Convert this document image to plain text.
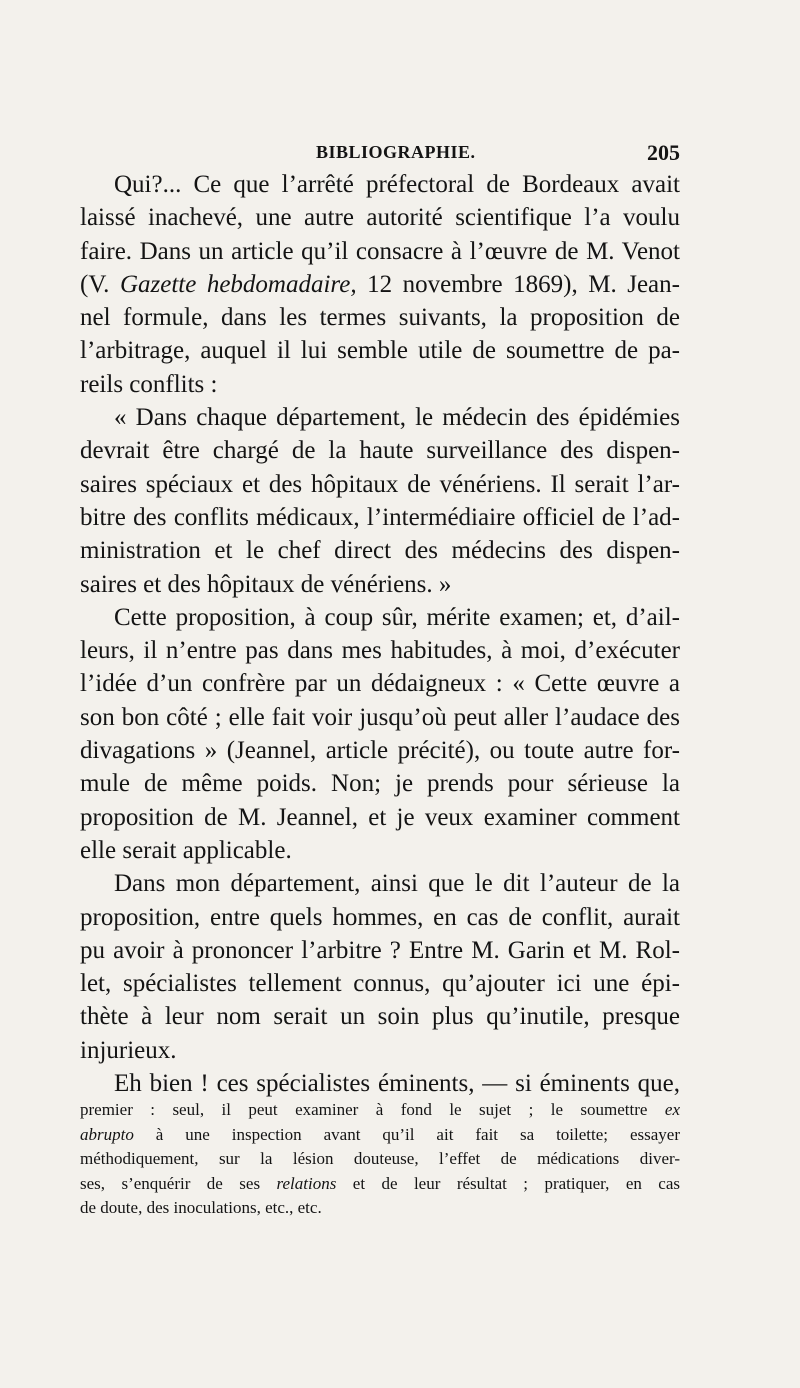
BIBLIOGRAPHIE.	205
Qui?... Ce que l’arrêté préfectoral de Bordeaux avait
laissé inachevé, une autre autorité scientifique l’a voulu
faire. Dans un article qu’il consacre à l’œuvre de M. Venot
(V. Gazette hebdomadaire, 12 novembre 1869), M. Jean-
nel formule, dans les termes suivants, la proposition de
l’arbitrage, auquel il lui semble utile de soumettre de pa-
reils conflits :
« Dans chaque département, le médecin des épidémies
devrait être chargé de la haute surveillance des dispen-
saires spéciaux et des hôpitaux de vénériens. Il serait l’ar-
bitre des conflits médicaux, l’intermédiaire officiel de l’ad-
ministration et le chef direct des médecins des dispen-
saires et des hôpitaux de vénériens. »
Cette proposition, à coup sûr, mérite examen; et, d’ail-
leurs, il n’entre pas dans mes habitudes, à moi, d’exécuter
l’idée d’un confrère par un dédaigneux : « Cette œuvre a
son bon côté ; elle fait voir jusqu’où peut aller l’audace des
divagations » (Jeannel, article précité), ou toute autre for-
mule de même poids. Non; je prends pour sérieuse la
proposition de M. Jeannel, et je veux examiner comment
elle serait applicable.
Dans mon département, ainsi que le dit l’auteur de la
proposition, entre quels hommes, en cas de conflit, aurait
pu avoir à prononcer l’arbitre ? Entre M. Garin et M. Rol-
let, spécialistes tellement connus, qu’ajouter ici une épi-
thète à leur nom serait un soin plus qu’inutile, presque
injurieux.
Eh bien ! ces spécialistes éminents, — si éminents que,
premier : seul, il peut examiner à fond le sujet ; le soumettre ex
abrupto à une inspection avant qu’il ait fait sa toilette; essayer
méthodiquement, sur la lésion douteuse, l’effet de médications diver-
ses, s’enquérir de ses relations et de leur résultat ; pratiquer, en cas
de doute, des inoculations, etc., etc.
